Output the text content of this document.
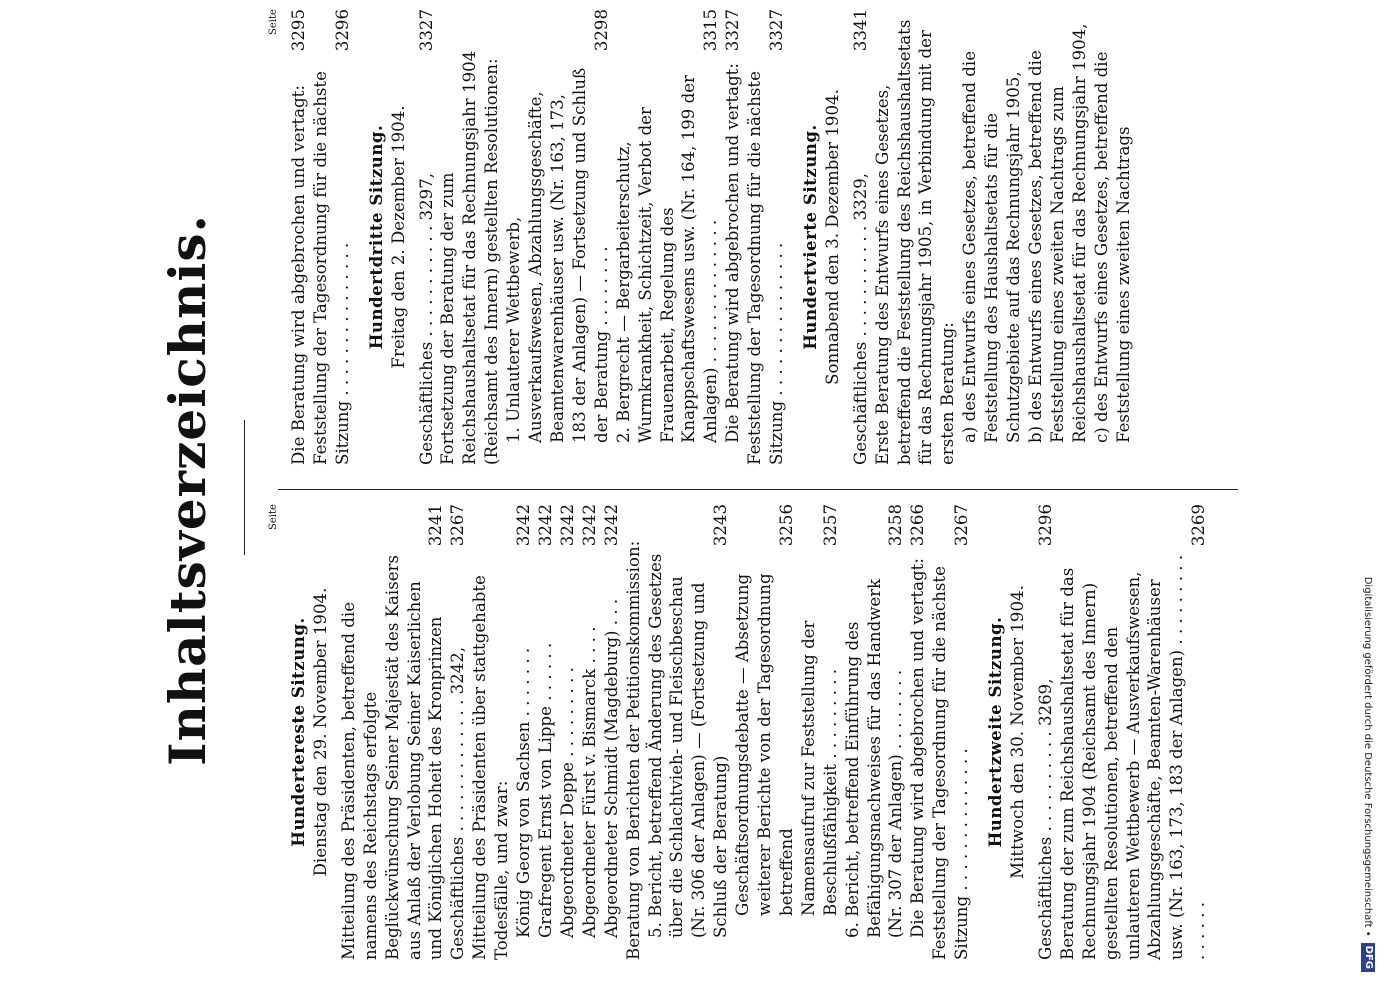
Inhaltsverzeichnis.	Seite
Seite

Hundertereste Sitzung. Dienstag den 29. November 1904. Mitteilung des Präsidenten, betreffend die namens des Reichstags erfolgte Beglückwünschung Seiner Majestät des Kaisers aus Anlaß der Verlobung Seiner Kaiserlichen und Königlichen Hoheit des Kronprinzen
3241
Geschäftliches . . . . . . . . . . . . . 3242,
3267
Mitteilung des Präsidenten über stattgehabte Todesfälle, und zwar: König Georg von Sachsen . . . . . . .
3242
Grafregent Ernst von Lippe . . . . . .
3242
Abgeordneter Deppe . . . . . . . . .
3242
Abgeordneter Fürst v. Bismarck . . . .
3242
Abgeordneter Schmidt (Magdeburg) . . .
3242
Beratung von Berichten der Petitionskommission: 5. Bericht, betreffend Änderung des Gesetzes über die Schlachtvieh- und Fleischbeschau (Nr. 306 der Anlagen) — (Fortsetzung und Schluß der Beratung)
3243
Geschäftsordnungsdebatte — Absetzung weiterer Berichte von der Tagesordnung betreffend
3256
Namensaufruf zur Feststellung der Beschlußfähigkeit . . . . . . . . .
3257
6. Bericht, betreffend Einführung des Befähigungsnachweises für das Handwerk (Nr. 307 der Anlagen) . . . . . . . .
3258
Die Beratung wird abgebrochen und vertagt:
3266
Feststellung der Tagesordnung für die nächste Sitzung . . . . . . . . . . . . . .
3267

Hundertzweite Sitzung. Mittwoch den 30. November 1904. Geschäftliches . . . . . . . . . . 3269,
3296
Beratung der zum Reichshaushaltsetat für das Rechnungsjahr 1904 (Reichsamt des Innern) gestellten Resolutionen, betreffend den unlauteren Wettbewerb — Ausverkaufswesen, Abzahlungsgeschäfte, Beamten-Warenhäuser usw. (Nr. 163, 173, 183 der Anlagen) . . . . . . . . . . . . . . .
3269
Die Beratung wird abgebrochen und vertagt:
3295
Feststellung der Tagesordnung für die nächste Sitzung . . . . . . . . . . . . . . .
3296

Hundertdritte Sitzung. Freitag den 2. Dezember 1904. Geschäftliches . . . . . . . . . . . 3297,
3327
Fortsetzung der Beratung der zum Reichshaushaltsetat für das Rechnungsjahr 1904 (Reichsamt des Innern) gestellten Resolutionen: 1. Unlauterer Wettbewerb, Ausverkaufswesen, Abzahlungsgeschäfte, Beamtenwarenhäuser usw. (Nr. 163, 173, 183 der Anlagen) — Fortsetzung und Schluß der Beratung . . . . . . . .
3298
2. Bergrecht — Bergarbeiterschutz, Wurmkrankheit, Schichtzeit, Verbot der Frauenarbeit, Regelung des Knappschaftswesens usw. (Nr. 164, 199 der Anlagen) . . . . . . . . . . . . . .
3315
Die Beratung wird abgebrochen und vertagt:
3327
Feststellung der Tagesordnung für die nächste Sitzung . . . . . . . . . . . . . . .
3327

Hundertvierte Sitzung. Sonnabend den 3. Dezember 1904. Geschäftliches . . . . . . . . . . . 3329,
3341
Erste Beratung des Entwurfs eines Gesetzes, betreffend die Feststellung des Reichshaushaltsetats für das Rechnungsjahr 1905, in Verbindung mit der ersten Beratung: a) des Entwurfs eines Gesetzes, betreffend die Feststellung des Haushaltsetats für die Schutzgebiete auf das Rechnungsjahr 1905, b) des Entwurfs eines Gesetzes, betreffend die Feststellung eines zweiten Nachtrags zum Reichshaushaltsetat für das Rechnungsjahr 1904, c) des Entwurfs eines Gesetzes, betreffend die Feststellung eines zweiten Nachtrags
Digitalisierung gefördert durch die Deutsche Forschungsgemeinschaft •
DFG
